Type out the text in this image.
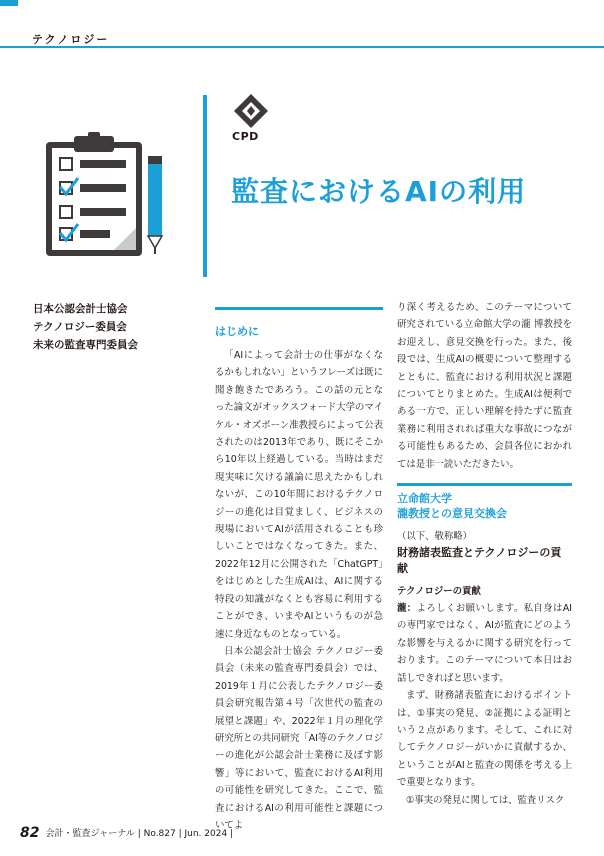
テクノロジー
CPD
監査におけるAIの利用
日本公認会計士協会
テクノロジー委員会
未来の監査専門委員会
はじめに

「AIによって会計士の仕事がなくなるかもしれない」というフレーズは既に聞き飽きたであろう。この話の元となった論文がオックスフォード大学のマイケル・オズボーン准教授らによって公表されたのは2013年であり、既にそこから10年以上経過している。当時はまだ現実味に欠ける議論に思えたかもしれないが、この10年間におけるテクノロジーの進化は目覚ましく、ビジネスの現場においてAIが活用されることも珍しいことではなくなってきた。また、2022年12月に公開された「ChatGPT」をはじめとした生成AIは、AIに関する特段の知識がなくとも容易に利用することができ、いまやAIというものが急速に身近なものとなっている。

日本公認会計士協会 テクノロジー委員会（未来の監査専門委員会）では、2019年１月に公表したテクノロジー委員会研究報告第４号「次世代の監査の展望と課題」や、2022年１月の理化学研究所との共同研究「AI等のテクノロジーの進化が公認会計士業務に及ぼす影響」等において、監査におけるAI利用の可能性を研究してきた。ここで、監査におけるAIの利用可能性と課題についてよ

り深く考えるため、このテーマについて研究されている立命館大学の瀧 博教授をお迎えし、意見交換を行った。また、後段では、生成AIの概要について整理するとともに、監査における利用状況と課題についてとりまとめた。生成AIは便利である一方で、正しい理解を持たずに監査業務に利用されれば重大な事故につながる可能性もあるため、会員各位におかれては是非一読いただきたい。

立命館大学
瀧教授との意見交換会
（以下、敬称略）
財務諸表監査とテクノロジーの貢献
テクノロジーの貢献

瀧：よろしくお願いします。私自身はAIの専門家ではなく、AIが監査にどのような影響を与えるかに関する研究を行っております。このテーマについて本日はお話しできればと思います。

まず、財務諸表監査におけるポイントは、①事実の発見、②証拠による証明という２点があります。そして、これに対してテクノロジーがいかに貢献するか、ということがAIと監査の関係を考える上で重要となります。

①事実の発見に関しては、監査リスク

82 会計・監査ジャーナル | No.827 | Jun. 2024 |
